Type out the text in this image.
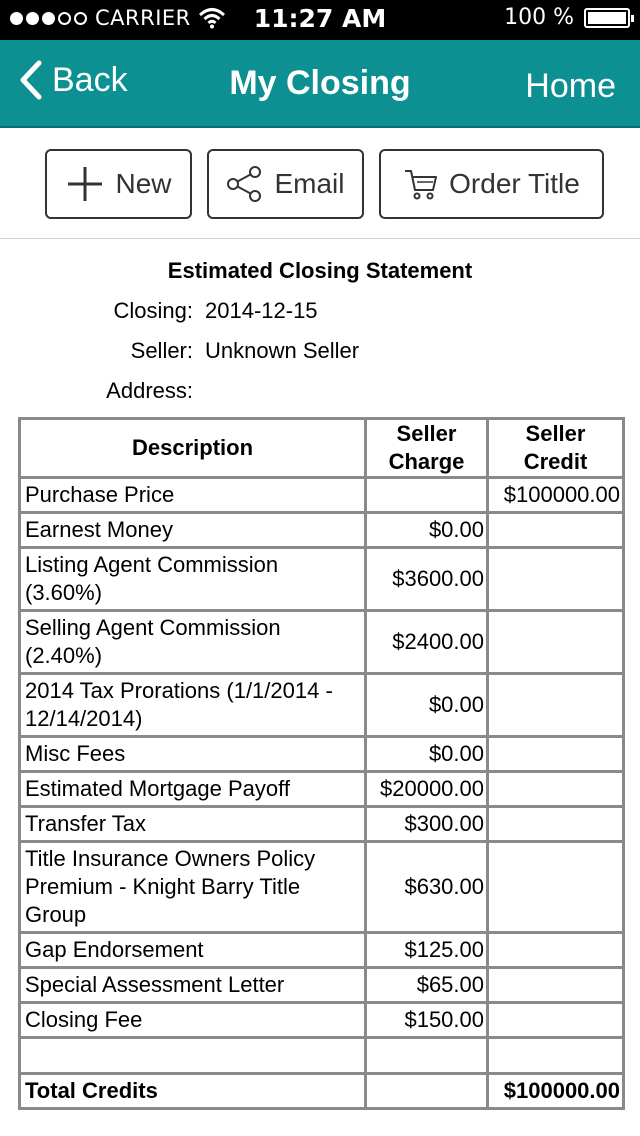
CARRIER	11:27 AM	100 %
Back	My Closing	Home
New	Email	Order Title
Estimated Closing Statement
Closing: 2014-12-15
Seller: Unknown Seller
Address:
Description	Seller Charge	Seller Credit
Purchase Price		$100000.00
Earnest Money	$0.00	
Listing Agent Commission (3.60%)	$3600.00	
Selling Agent Commission (2.40%)	$2400.00	
2014 Tax Prorations (1/1/2014 - 12/14/2014)	$0.00	
Misc Fees	$0.00	
Estimated Mortgage Payoff	$20000.00	
Transfer Tax	$300.00	
Title Insurance Owners Policy Premium - Knight Barry Title Group	$630.00	
Gap Endorsement	$125.00	
Special Assessment Letter	$65.00	
Closing Fee	$150.00	

Total Credits		$100000.00
